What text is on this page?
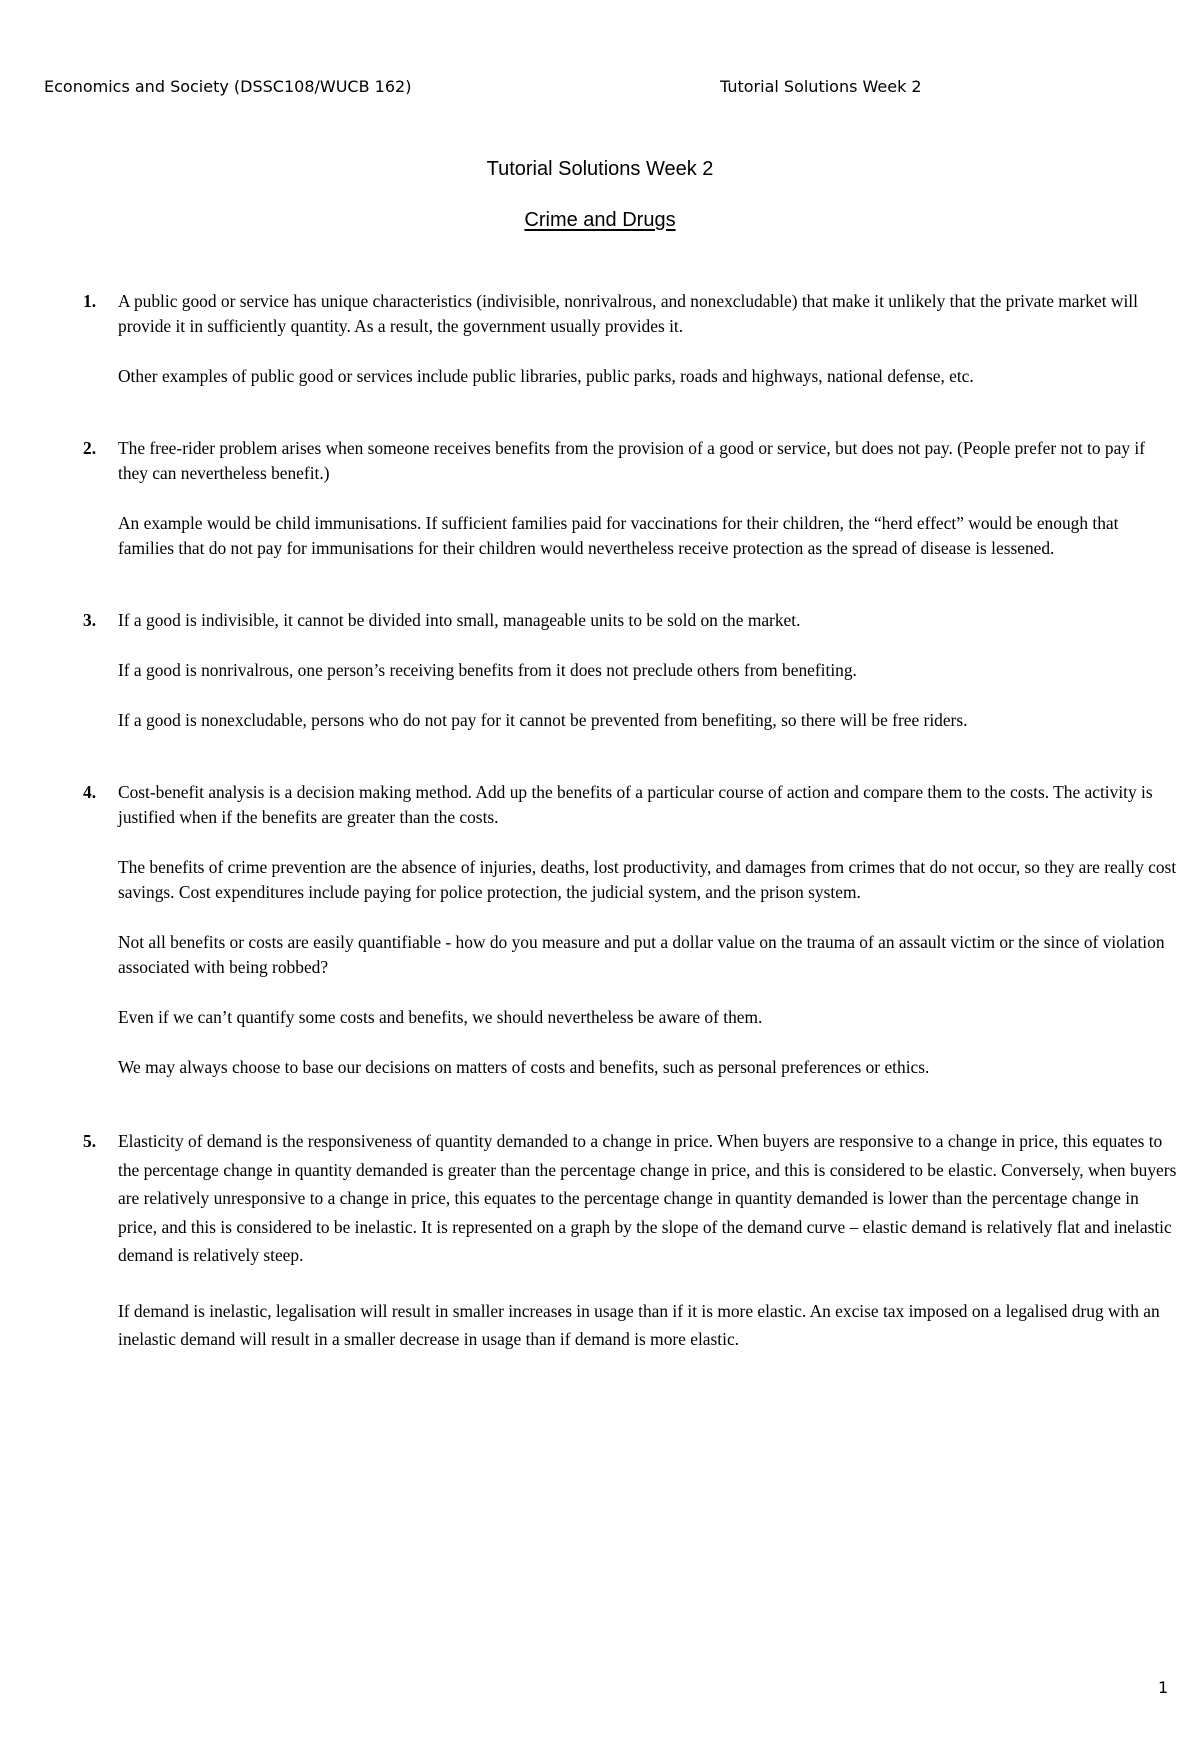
Economics and Society (DSSC108/WUCB 162)	Tutorial Solutions Week 2
Tutorial Solutions Week 2
Crime and Drugs
1. A public good or service has unique characteristics (indivisible, nonrivalrous, and nonexcludable) that make it unlikely that the private market will provide it in sufficiently quantity. As a result, the government usually provides it.

Other examples of public good or services include public libraries, public parks, roads and highways, national defense, etc.

2. The free-rider problem arises when someone receives benefits from the provision of a good or service, but does not pay. (People prefer not to pay if they can nevertheless benefit.)

An example would be child immunisations. If sufficient families paid for vaccinations for their children, the “herd effect” would be enough that families that do not pay for immunisations for their children would nevertheless receive protection as the spread of disease is lessened.

3. If a good is indivisible, it cannot be divided into small, manageable units to be sold on the market.

If a good is nonrivalrous, one person’s receiving benefits from it does not preclude others from benefiting.

If a good is nonexcludable, persons who do not pay for it cannot be prevented from benefiting, so there will be free riders.

4. Cost-benefit analysis is a decision making method. Add up the benefits of a particular course of action and compare them to the costs. The activity is justified when if the benefits are greater than the costs.

The benefits of crime prevention are the absence of injuries, deaths, lost productivity, and damages from crimes that do not occur, so they are really cost savings. Cost expenditures include paying for police protection, the judicial system, and the prison system.

Not all benefits or costs are easily quantifiable - how do you measure and put a dollar value on the trauma of an assault victim or the since of violation associated with being robbed?

Even if we can’t quantify some costs and benefits, we should nevertheless be aware of them.

We may always choose to base our decisions on matters of costs and benefits, such as personal preferences or ethics.

5. Elasticity of demand is the responsiveness of quantity demanded to a change in price. When buyers are responsive to a change in price, this equates to the percentage change in quantity demanded is greater than the percentage change in price, and this is considered to be elastic. Conversely, when buyers are relatively unresponsive to a change in price, this equates to the percentage change in quantity demanded is lower than the percentage change in price, and this is considered to be inelastic. It is represented on a graph by the slope of the demand curve – elastic demand is relatively flat and inelastic demand is relatively steep.

If demand is inelastic, legalisation will result in smaller increases in usage than if it is more elastic. An excise tax imposed on a legalised drug with an inelastic demand will result in a smaller decrease in usage than if demand is more elastic.

1
